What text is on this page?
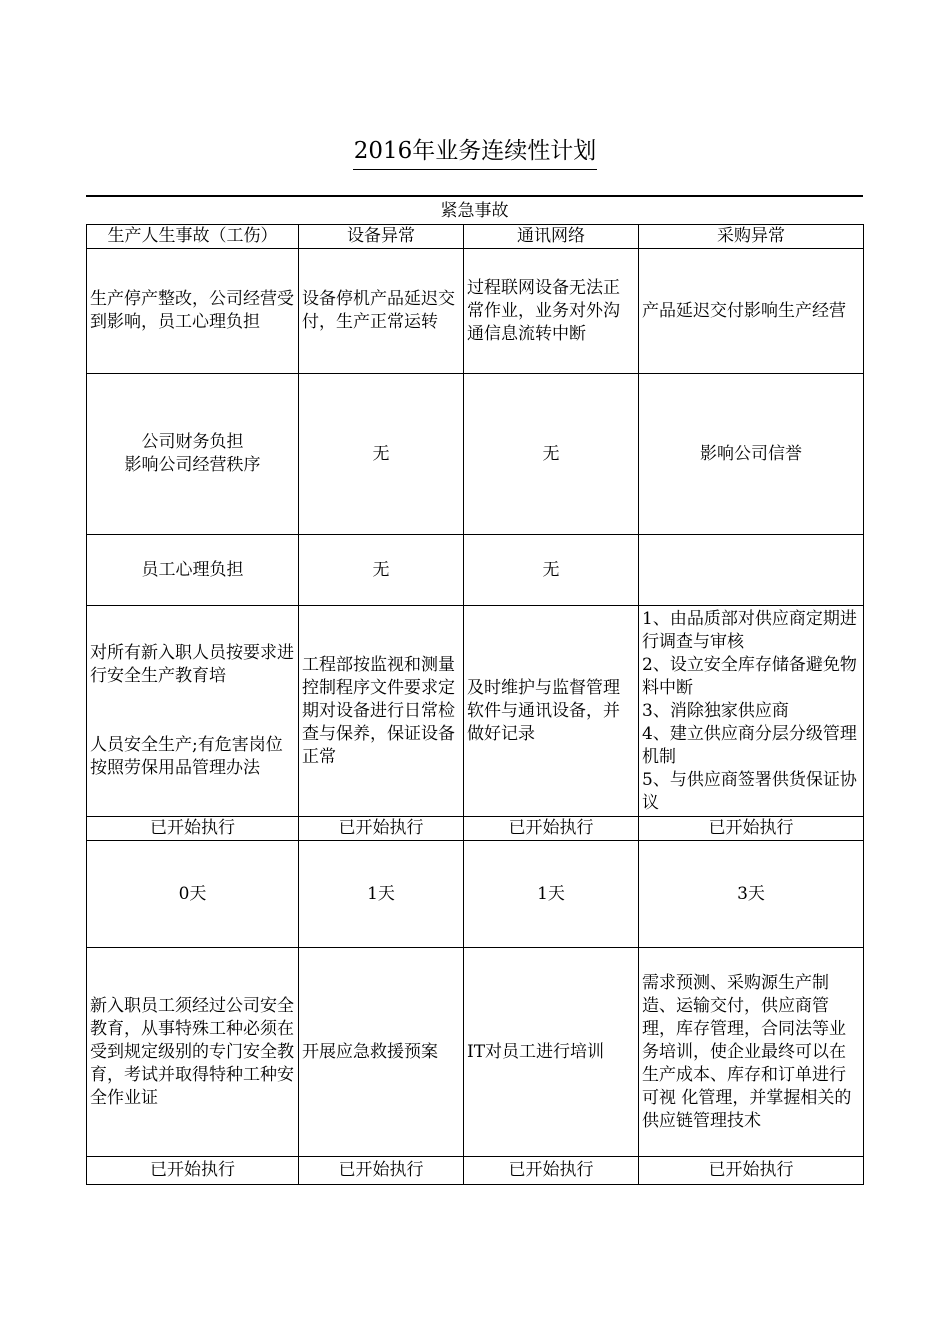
2016年业务连续性计划
紧急事故
生产人生事故（工伤）	设备异常	通讯网络	采购异常
生产停产整改，公司经营受到影响，员工心理负担	设备停机产品延迟交付，生产正常运转	过程联网设备无法正常作业，业务对外沟通信息流转中断	产品延迟交付影响生产经营
公司财务负担
影响公司经营秩序	无	无	影响公司信誉
员工心理负担	无	无	
对所有新入职人员按要求进行安全生产教育培

人员安全生产;有危害岗位按照劳保用品管理办法	工程部按监视和测量控制程序文件要求定期对设备进行日常检查与保养，保证设备正常	及时维护与监督管理软件与通讯设备，并做好记录	1、由品质部对供应商定期进行调查与审核
2、设立安全库存储备避免物料中断
3、消除独家供应商
4、建立供应商分层分级管理机制
5、与供应商签署供货保证协议
已开始执行	已开始执行	已开始执行	已开始执行
0天	1天	1天	3天
新入职员工须经过公司安全教育，从事特殊工种必须在受到规定级别的专门安全教育，考试并取得特种工种安全作业证	开展应急救援预案	IT对员工进行培训	需求预测、采购源生产制造、运输交付，供应商管理，库存管理，合同法等业务培训，使企业最终可以在生产成本、库存和订单进行可视 化管理，并掌握相关的供应链管理技术
已开始执行	已开始执行	已开始执行	已开始执行
